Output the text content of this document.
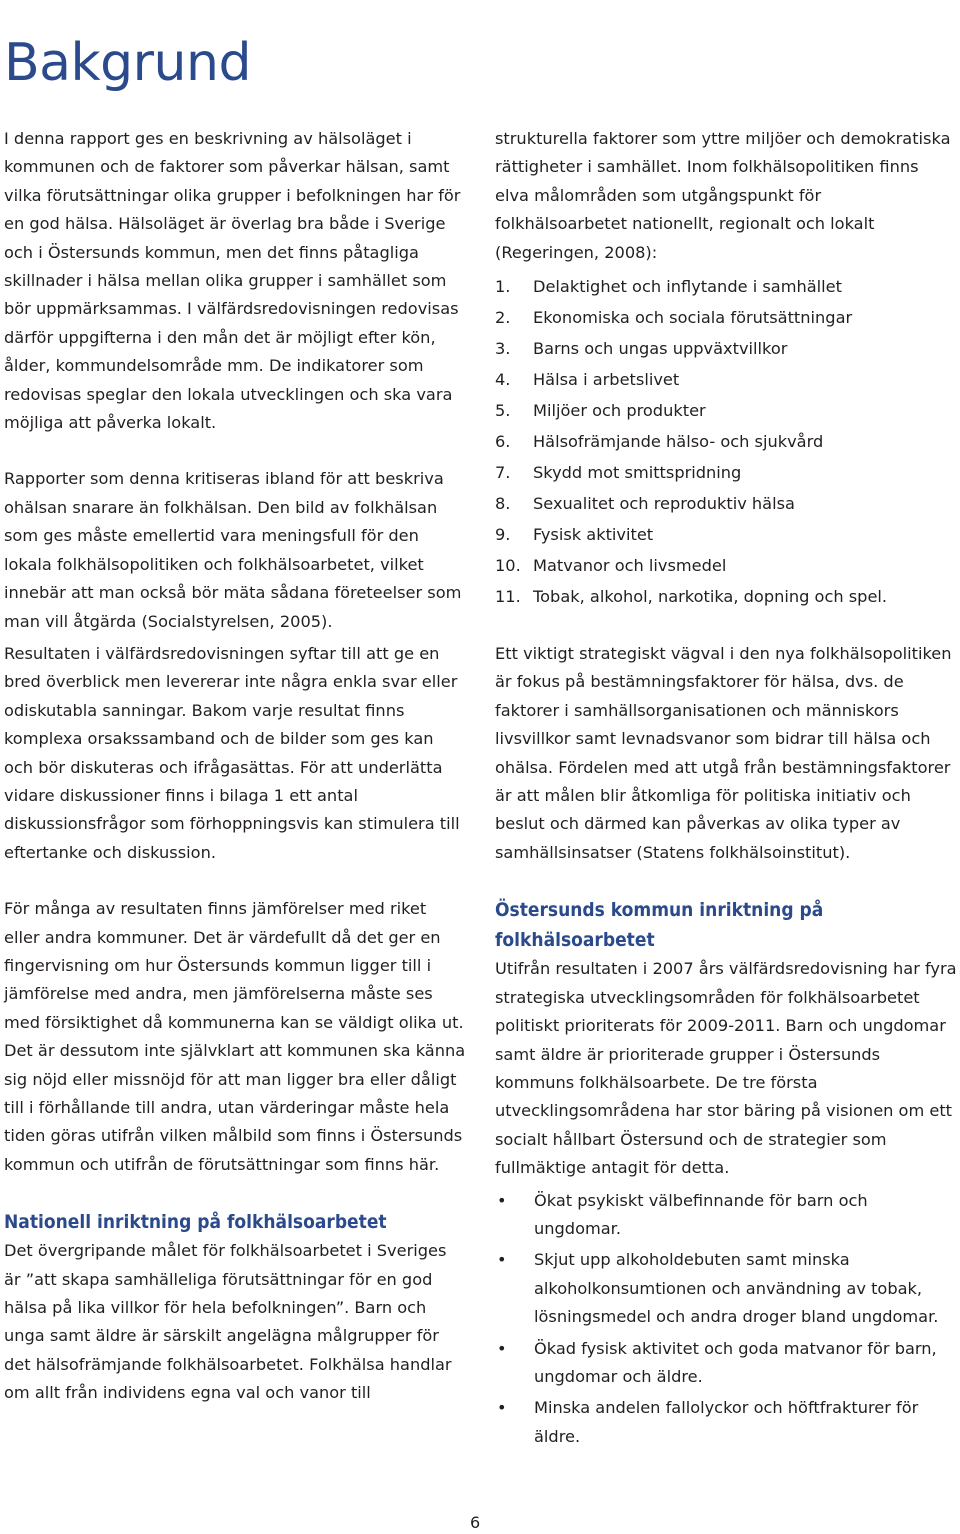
Bakgrund

I denna rapport ges en beskrivning av hälsoläget i kommunen och de faktorer som påverkar hälsan, samt vilka förutsättningar olika grupper i befolkningen har för en god hälsa. Hälsoläget är överlag bra både i Sverige och i Östersunds kommun, men det finns påtagliga skillnader i hälsa mellan olika grupper i samhället som bör uppmärksammas. I välfärdsredovisningen redovisas därför uppgifterna i den mån det är möjligt efter kön, ålder, kommundelsområde mm. De indikatorer som redovisas speglar den lokala utvecklingen och ska vara möjliga att påverka lokalt.

Rapporter som denna kritiseras ibland för att beskriva ohälsan snarare än folkhälsan. Den bild av folkhälsan som ges måste emellertid vara meningsfull för den lokala folkhälsopolitiken och folkhälsoarbetet, vilket innebär att man också bör mäta sådana företeelser som man vill åtgärda (Socialstyrelsen, 2005).

Resultaten i välfärdsredovisningen syftar till att ge en bred överblick men levererar inte några enkla svar eller odiskutabla sanningar. Bakom varje resultat finns komplexa orsakssamband och de bilder som ges kan och bör diskuteras och ifrågasättas. För att underlätta vidare diskussioner finns i bilaga 1 ett antal diskussionsfrågor som förhoppningsvis kan stimulera till eftertanke och diskussion.

För många av resultaten finns jämförelser med riket eller andra kommuner. Det är värdefullt då det ger en fingervisning om hur Östersunds kommun ligger till i jämförelse med andra, men jämförelserna måste ses med försiktighet då kommunerna kan se väldigt olika ut. Det är dessutom inte självklart att kommunen ska känna sig nöjd eller missnöjd för att man ligger bra eller dåligt till i förhållande till andra, utan värderingar måste hela tiden göras utifrån vilken målbild som finns i Östersunds kommun och utifrån de förutsättningar som finns här.

Nationell inriktning på folkhälsoarbetet

Det övergripande målet för folkhälsoarbetet i Sveriges är ”att skapa samhälleliga förutsättningar för en god hälsa på lika villkor för hela befolkningen”. Barn och unga samt äldre är särskilt angelägna målgrupper för det hälsofrämjande folkhälsoarbetet. Folkhälsa handlar om allt från individens egna val och vanor till

strukturella faktorer som yttre miljöer och demokratiska rättigheter i samhället. Inom folkhälsopolitiken finns elva målområden som utgångspunkt för folkhälsoarbetet nationellt, regionalt och lokalt (Regeringen, 2008):

1.	Delaktighet och inflytande i samhället
2.	Ekonomiska och sociala förutsättningar
3.	Barns och ungas uppväxtvillkor
4.	Hälsa i arbetslivet
5.	Miljöer och produkter
6.	Hälsofrämjande hälso- och sjukvård
7.	Skydd mot smittspridning
8.	Sexualitet och reproduktiv hälsa
9.	Fysisk aktivitet
10. Matvanor och livsmedel
11. Tobak, alkohol, narkotika, dopning och spel.

Ett viktigt strategiskt vägval i den nya folkhälsopolitiken är fokus på bestämningsfaktorer för hälsa, dvs. de faktorer i samhällsorganisationen och människors livsvillkor samt levnadsvanor som bidrar till hälsa och ohälsa. Fördelen med att utgå från bestämningsfaktorer är att målen blir åtkomliga för politiska initiativ och beslut och därmed kan påverkas av olika typer av samhällsinsatser (Statens folkhälsoinstitut).

Östersunds kommun inriktning på folkhälsoarbetet

Utifrån resultaten i 2007 års välfärdsredovisning har fyra strategiska utvecklingsområden för folkhälsoarbetet politiskt prioriterats för 2009-2011. Barn och ungdomar samt äldre är prioriterade grupper i Östersunds kommuns folkhälsoarbete. De tre första utvecklingsområdena har stor bäring på visionen om ett socialt hållbart Östersund och de strategier som fullmäktige antagit för detta.

•	Ökat psykiskt välbefinnande för barn och ungdomar.
•	Skjut upp alkoholdebuten samt minska alkoholkonsumtionen och användning av tobak, lösningsmedel och andra droger bland ungdomar.
•	Ökad fysisk aktivitet och goda matvanor för barn, ungdomar och äldre.
•	Minska andelen fallolyckor och höftfrakturer för äldre.
6
